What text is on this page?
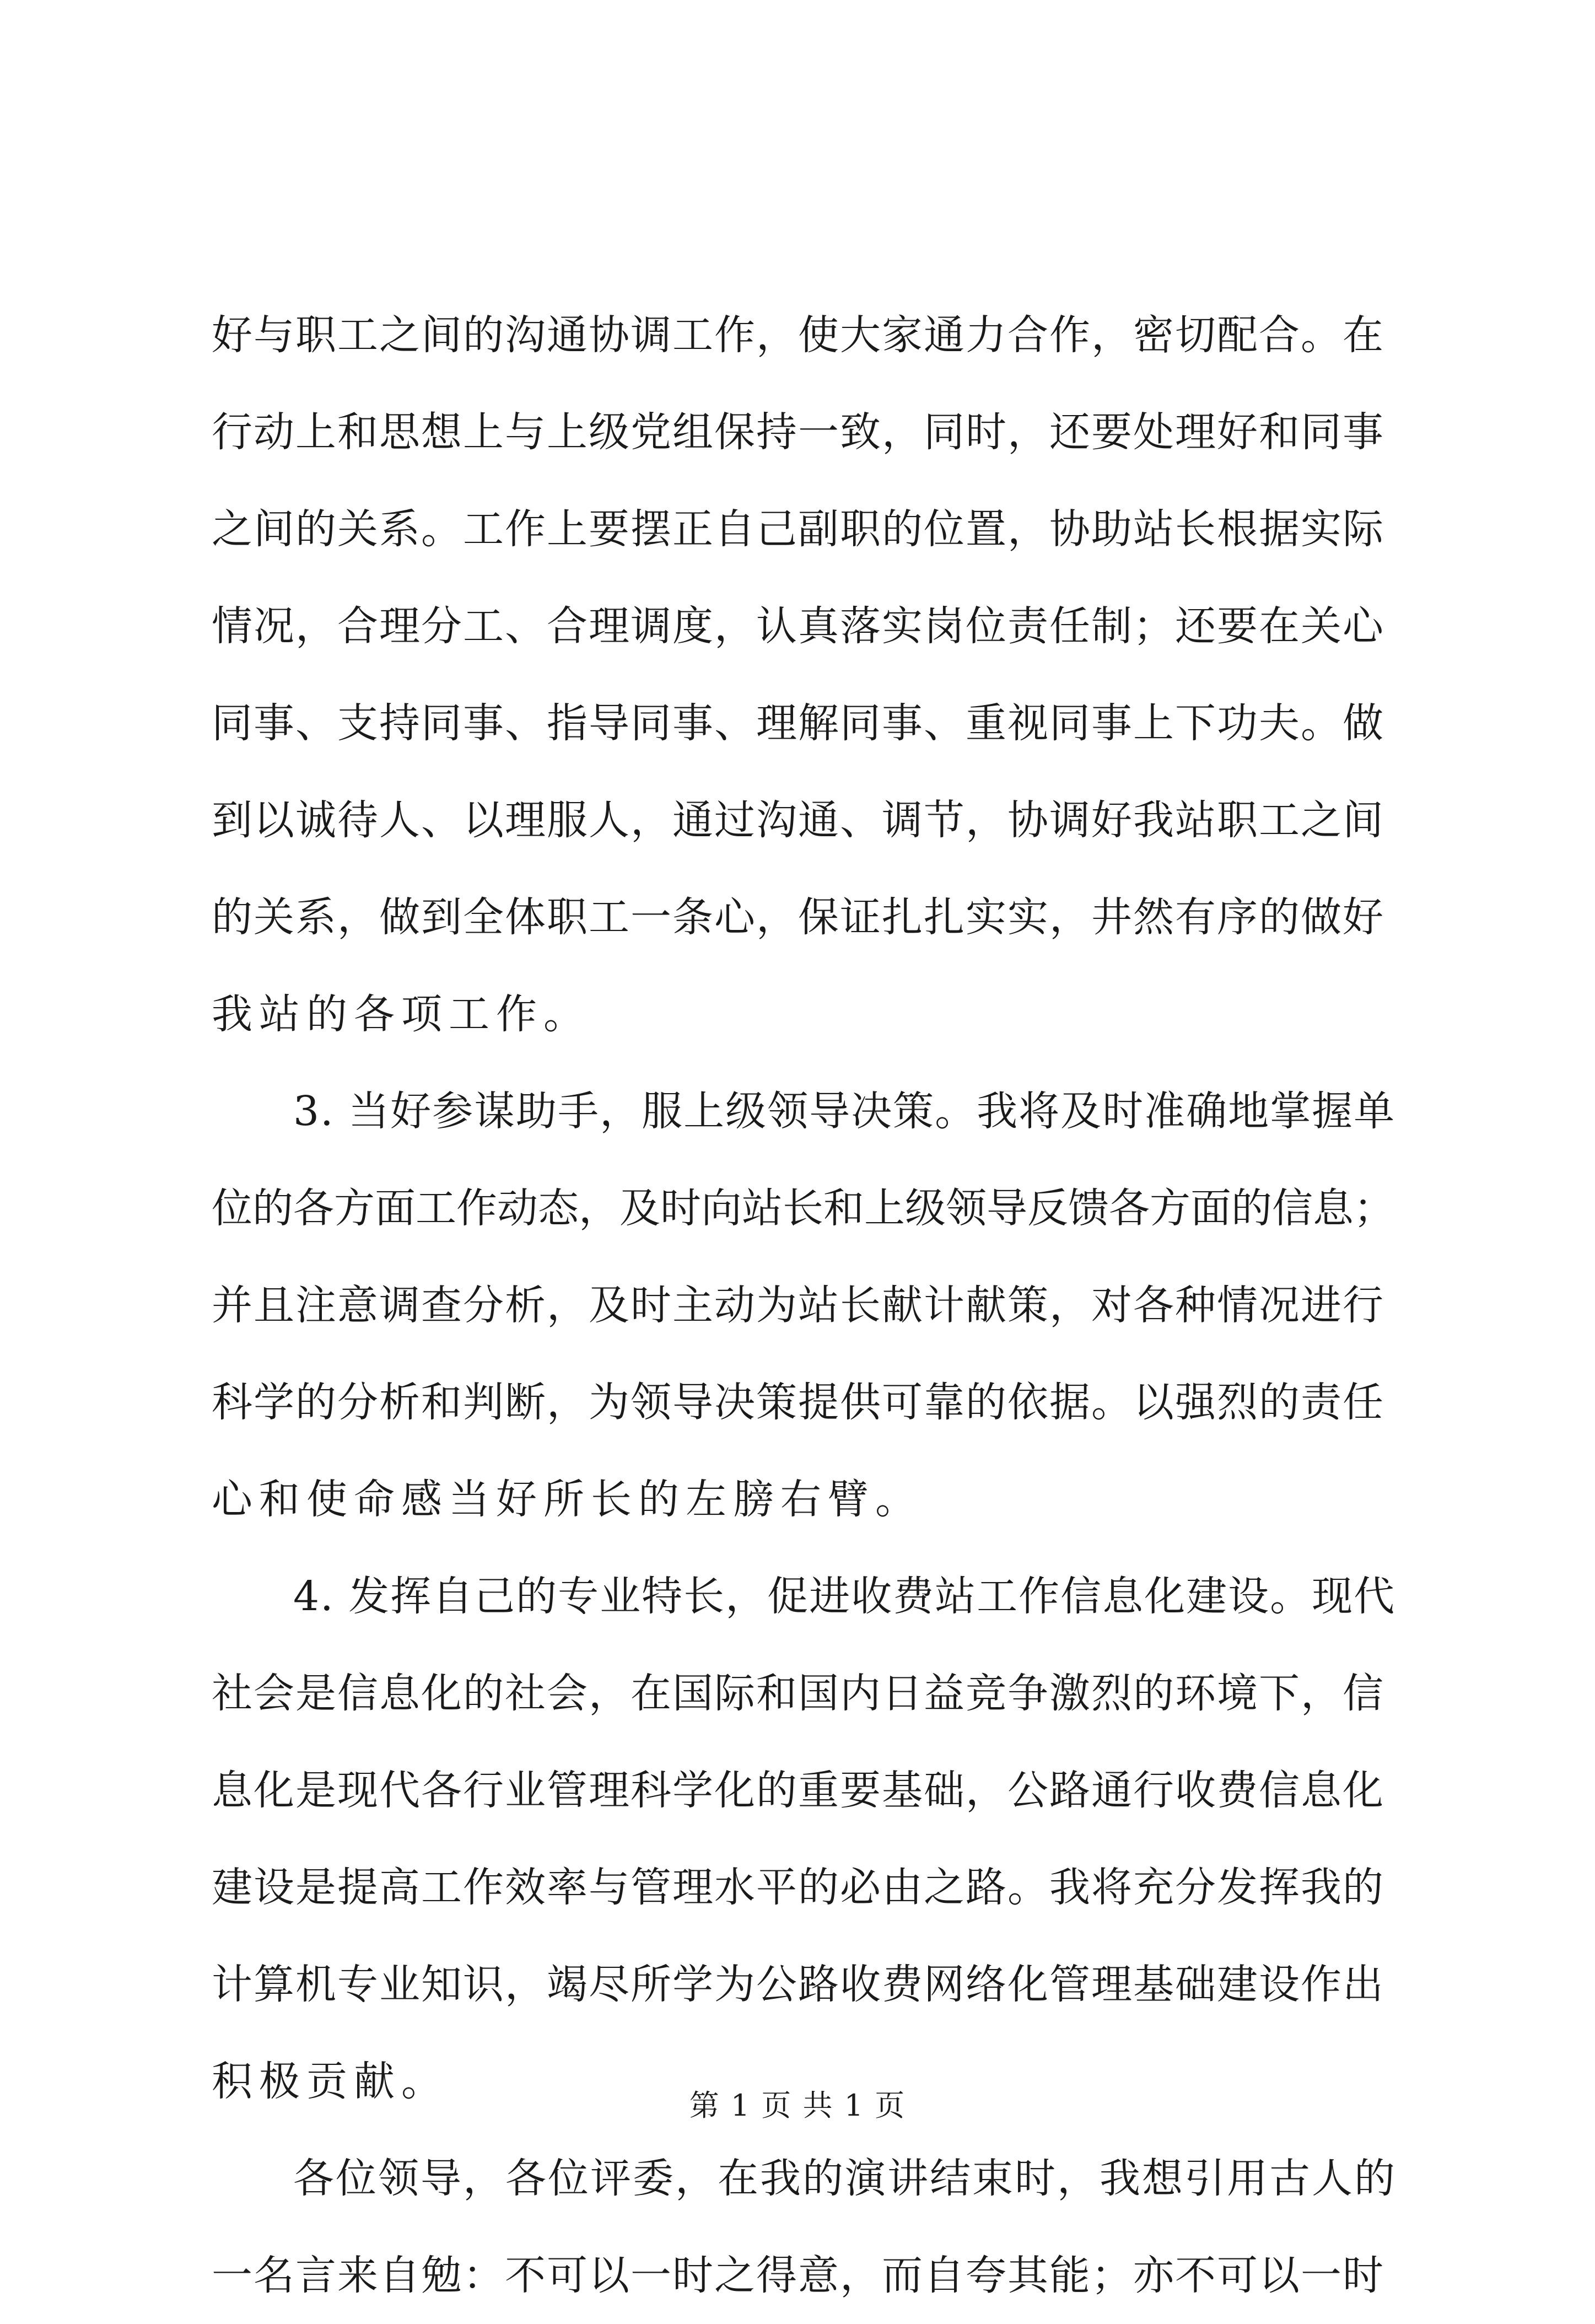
好与职工之间的沟通协调工作，使大家通力合作，密切配合。在
行动上和思想上与上级党组保持一致，同时，还要处理好和同事
之间的关系。工作上要摆正自己副职的位置，协助站长根据实际
情况，合理分工、合理调度，认真落实岗位责任制；还要在关心
同事、支持同事、指导同事、理解同事、重视同事上下功夫。做
到以诚待人、以理服人，通过沟通、调节，协调好我站职工之间
的关系，做到全体职工一条心，保证扎扎实实，井然有序的做好
我站的各项工作。
3. 当好参谋助手，服上级领导决策。我将及时准确地掌握单
位的各方面工作动态，及时向站长和上级领导反馈各方面的信息；
并且注意调查分析，及时主动为站长献计献策，对各种情况进行
科学的分析和判断，为领导决策提供可靠的依据。以强烈的责任
心和使命感当好所长的左膀右臂。
4. 发挥自己的专业特长，促进收费站工作信息化建设。现代
社会是信息化的社会，在国际和国内日益竞争激烈的环境下，信
息化是现代各行业管理科学化的重要基础，公路通行收费信息化
建设是提高工作效率与管理水平的必由之路。我将充分发挥我的
计算机专业知识，竭尽所学为公路收费网络化管理基础建设作出
积极贡献。
各位领导，各位评委，在我的演讲结束时，我想引用古人的
一名言来自勉：不可以一时之得意，而自夸其能；亦不可以一时
第 1 页 共 1 页
